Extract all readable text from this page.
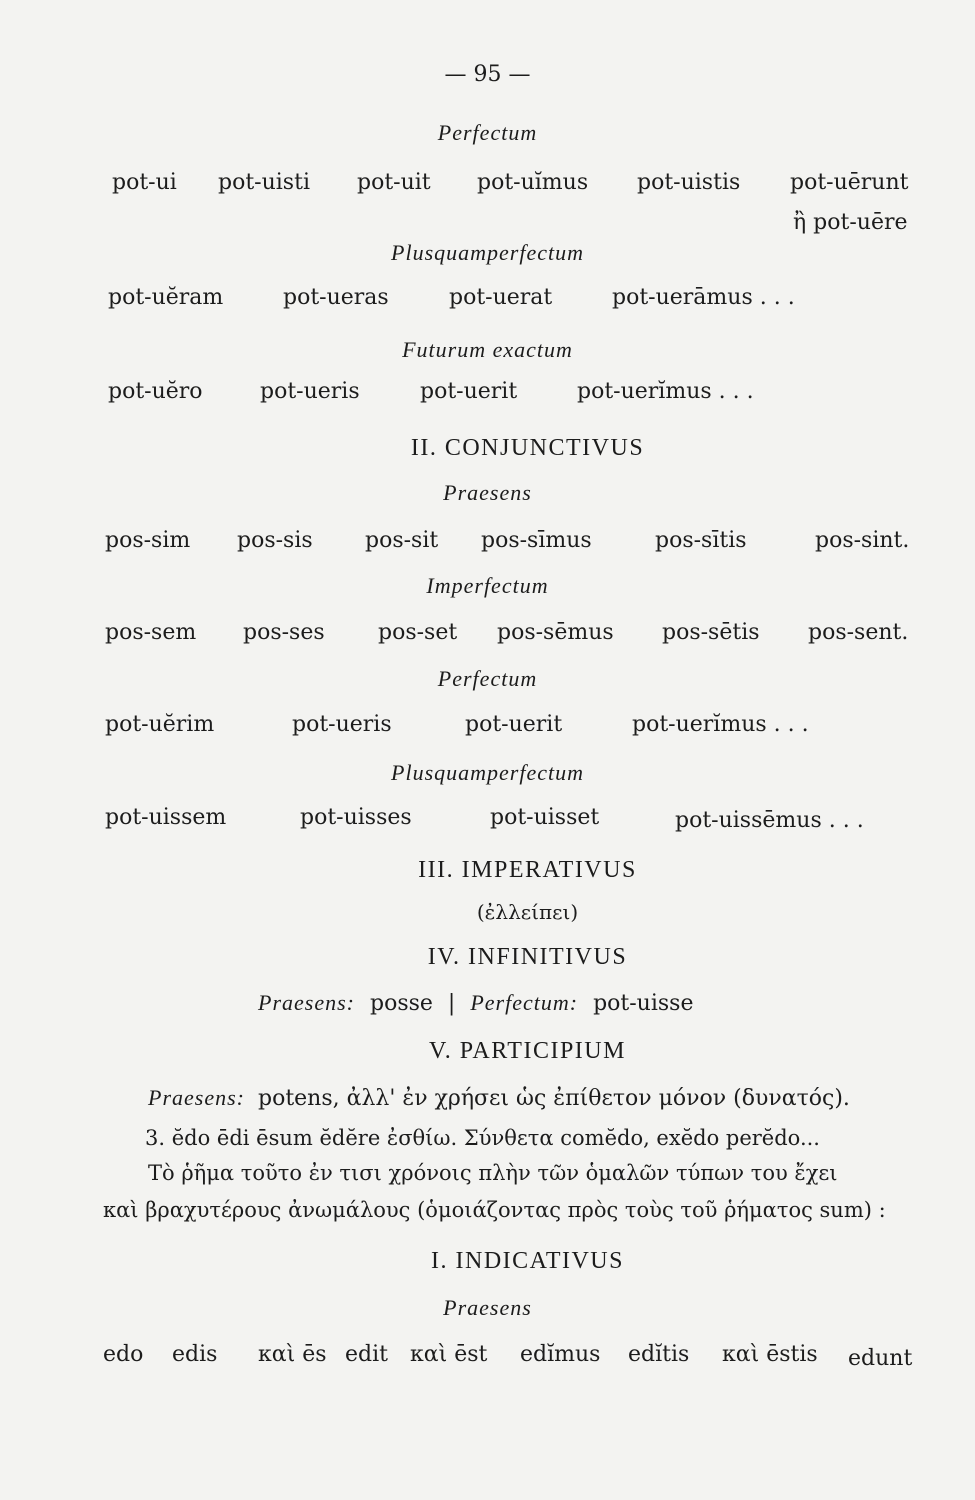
— 95 —
Perfectum
pot-ui pot-uisti pot-uit pot-uĭmus pot-uistis pot-uērunt
ἢ pot-uēre
Plusquamperfectum
pot-uĕram	pot-ueras	pot-uerat	pot-uerāmus . . .
Futurum exactum
pot-uĕro	pot-ueris	pot-uerit	pot-uerĭmus . . .
II. CONJUNCTIVUS
Praesens
pos-sim pos-sis pos-sit pos-sīmus	pos-sītis	pos-sint.
Imperfectum
pos-sem pos-ses pos-set pos-sēmus pos-sētis pos-sent.
Perfectum
pot-uĕrim	pot-ueris	pot-uerit	pot-uerĭmus . . .
Plusquamperfectum
pot-uissem	pot-uisses	pot-uisset	pot-uissēmus . . .
III. IMPERATIVUS
(ἐλλείπει)
IV. INFINITIVUS
Praesens: posse | Perfectum: pot-uisse
V. PARTICIPIUM
Praesens: potens, ἀλλ' ἐν χρήσει ὡς ἐπίθετον μόνον (δυνατός).
3. ĕdo ēdi ēsum ĕdĕre ἐσθίω. Σύνθετα comĕdo, exĕdo perĕdo...
Τὸ ῥῆμα τοῦτο ἐν τισι χρόνοις πλὴν τῶν ὁμαλῶν τύπων του ἔχει
καὶ βραχυτέρους ἀνωμάλους (ὁμοιάζοντας πρὸς τοὺς τοῦ ῥήματος sum) :
I. INDICATIVUS
Praesens
edo edis καὶ ēs edit καὶ ēst edĭmus edĭtis καὶ ēstis edunt
